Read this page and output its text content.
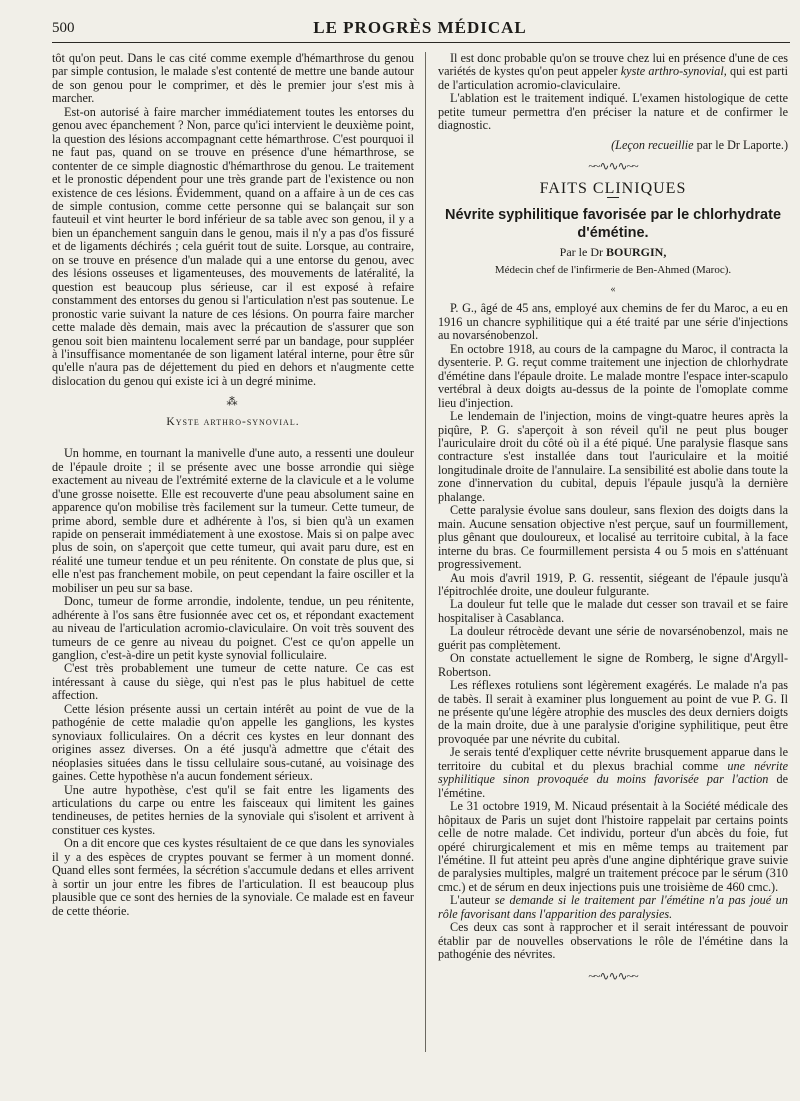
500	LE PROGRÈS MÉDICAL

tôt qu'on peut. Dans le cas cité comme exemple d'hémarthrose du genou par simple contusion, le malade s'est contenté de mettre une bande autour de son genou pour le comprimer, et dès le premier jour s'est mis à marcher.

Est-on autorisé à faire marcher immédiatement toutes les entorses du genou avec épanchement ? Non, parce qu'ici intervient le deuxième point, la question des lésions accompagnant cette hémarthrose. C'est pourquoi il ne faut pas, quand on se trouve en présence d'une hémarthrose, se contenter de ce simple diagnostic d'hémarthrose du genou. Le traitement et le pronostic dépendent pour une très grande part de l'existence ou non existence de ces lésions. Évidemment, quand on a affaire à un de ces cas de simple contusion, comme cette personne qui se balançait sur son fauteuil et vint heurter le bord inférieur de sa table avec son genou, il y a bien un épanchement sanguin dans le genou, mais il n'y a pas d'os fissuré et de ligaments déchirés ; cela guérit tout de suite. Lorsque, au contraire, on se trouve en présence d'un malade qui a une entorse du genou, avec des lésions osseuses et ligamenteuses, des mouvements de latéralité, la question est beaucoup plus sérieuse, car il est exposé à refaire constamment des entorses du genou si l'articulation n'est pas soutenue. Le pronostic varie suivant la nature de ces lésions. On pourra faire marcher cette malade dès demain, mais avec la précaution de s'assurer que son genou soit bien maintenu localement serré par un bandage, pour suppléer à l'insuffisance momentanée de son ligament latéral interne, pour être sûr qu'elle n'aura pas de déjettement du pied en dehors et n'augmente cette dislocation du genou qui existe ici à un degré minime.

⁂
Kyste arthro-synovial.

Un homme, en tournant la manivelle d'une auto, a ressenti une douleur de l'épaule droite ; il se présente avec une bosse arrondie qui siège exactement au niveau de l'extrémité externe de la clavicule et a le volume d'une grosse noisette. Elle est recouverte d'une peau absolument saine en apparence qu'on mobilise très facilement sur la tumeur. Cette tumeur, de prime abord, semble dure et adhérente à l'os, si bien qu'à un examen rapide on penserait immédiatement à une exostose. Mais si on palpe avec plus de soin, on s'aperçoit que cette tumeur, qui avait paru dure, est en réalité une tumeur tendue et un peu rénitente. On constate de plus que, si elle n'est pas franchement mobile, on peut cependant la faire osciller et la mobiliser un peu sur sa base.

Donc, tumeur de forme arrondie, indolente, tendue, un peu rénitente, adhérente à l'os sans être fusionnée avec cet os, et répondant exactement au niveau de l'articulation acromio-claviculaire. On voit très souvent des tumeurs de ce genre au niveau du poignet. C'est ce qu'on appelle un ganglion, c'est-à-dire un petit kyste synovial folliculaire.

C'est très probablement une tumeur de cette nature. Ce cas est intéressant à cause du siège, qui n'est pas le plus habituel de cette affection.

Cette lésion présente aussi un certain intérêt au point de vue de la pathogénie de cette maladie qu'on appelle les ganglions, les kystes synoviaux folliculaires. On a décrit ces kystes en leur donnant des origines assez diverses. On a été jusqu'à admettre que c'était des néoplasies situées dans le tissu cellulaire sous-cutané, au voisinage des gaines. Cette hypothèse n'a aucun fondement sérieux.

Une autre hypothèse, c'est qu'il se fait entre les ligaments des articulations du carpe ou entre les faisceaux qui limitent les gaines tendineuses, de petites hernies de la synoviale qui s'isolent et arrivent à constituer ces kystes.

On a dit encore que ces kystes résultaient de ce que dans les synoviales il y a des espèces de cryptes pouvant se fermer à un moment donné. Quand elles sont fermées, la sécrétion s'accumule dedans et elles arrivent à sortir un jour entre les fibres de l'articulation. Il est beaucoup plus plausible que ce sont des hernies de la synoviale. Ce malade est en faveur de cette théorie.

Il est donc probable qu'on se trouve chez lui en présence d'une de ces variétés de kystes qu'on peut appeler kyste arthro-synovial, qui est parti de l'articulation acromio-claviculaire.

L'ablation est le traitement indiqué. L'examen histologique de cette petite tumeur permettra d'en préciser la nature et de confirmer le diagnostic.

(Leçon recueillie par le Dr Laporte.)
~~∿∿∿~~
FAITS CLINIQUES
Névrite syphilitique favorisée par le chlorhydrate d'émétine.
Par le Dr BOURGIN,
Médecin chef de l'infirmerie de Ben-Ahmed (Maroc).
«

P. G., âgé de 45 ans, employé aux chemins de fer du Maroc, a eu en 1916 un chancre syphilitique qui a été traité par une série d'injections au novarsénobenzol.

En octobre 1918, au cours de la campagne du Maroc, il contracta la dysenterie. P. G. reçut comme traitement une injection de chlorhydrate d'émétine dans l'épaule droite. Le malade montre l'espace inter-scapulo vertébral à deux doigts au-dessus de la pointe de l'omoplate comme lieu d'injection.

Le lendemain de l'injection, moins de vingt-quatre heures après la piqûre, P. G. s'aperçoit à son réveil qu'il ne peut plus bouger l'auriculaire droit du côté où il a été piqué. Une paralysie flasque sans contracture s'est installée dans tout l'auriculaire et la moitié longitudinale droite de l'annulaire. La sensibilité est abolie dans toute la zone d'innervation du cubital, depuis l'épaule jusqu'à la dernière phalange.

Cette paralysie évolue sans douleur, sans flexion des doigts dans la main. Aucune sensation objective n'est perçue, sauf un fourmillement, plus gênant que douloureux, et localisé au territoire cubital, à la face interne du bras. Ce fourmillement persista 4 ou 5 mois en s'atténuant progressivement.

Au mois d'avril 1919, P. G. ressentit, siégeant de l'épaule jusqu'à l'épitrochlée droite, une douleur fulgurante.

La douleur fut telle que le malade dut cesser son travail et se faire hospitaliser à Casablanca.

La douleur rétrocède devant une série de novarsénobenzol, mais ne guérit pas complètement.

On constate actuellement le signe de Romberg, le signe d'Argyll-Robertson.

Les réflexes rotuliens sont légèrement exagérés. Le malade n'a pas de tabès. Il serait à examiner plus longuement au point de vue P. G. Il ne présente qu'une légère atrophie des muscles des deux derniers doigts de la main droite, due à une paralysie d'origine syphilitique, peut être provoquée par une névrite du cubital.

Je serais tenté d'expliquer cette névrite brusquement apparue dans le territoire du cubital et du plexus brachial comme une névrite syphilitique sinon provoquée du moins favorisée par l'action de l'émétine.

Le 31 octobre 1919, M. Nicaud présentait à la Société médicale des hôpitaux de Paris un sujet dont l'histoire rappelait par certains points celle de notre malade. Cet individu, porteur d'un abcès du foie, fut opéré chirurgicalement et mis en même temps au traitement par l'émétine. Il fut atteint peu après d'une angine diphtérique grave suivie de paralysies multiples, malgré un traitement précoce par le sérum (310 cmc.) et de sérum en deux injections puis une troisième de 460 cmc.).

L'auteur se demande si le traitement par l'émétine n'a pas joué un rôle favorisant dans l'apparition des paralysies.

Ces deux cas sont à rapprocher et il serait intéressant de pouvoir établir par de nouvelles observations le rôle de l'émétine dans la pathogénie des névrites.

~~∿∿∿~~
